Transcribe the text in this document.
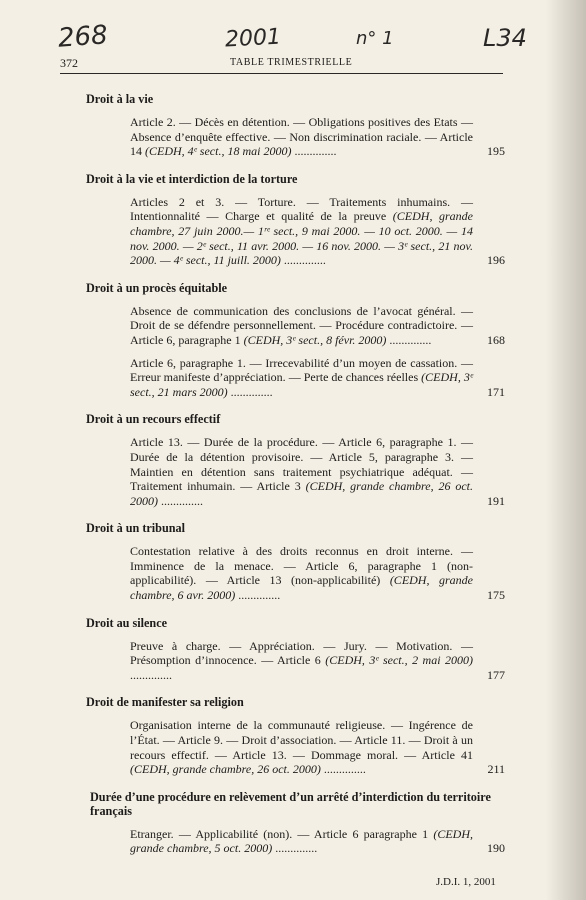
268	2001	n° 1	L34
372	TABLE TRIMESTRIELLE
Droit à la vie
Article 2. — Décès en détention. — Obligations positives des Etats — Absence d’enquête effective. — Non discrimination raciale. — Article 14 (CEDH, 4ᵉ sect., 18 mai 2000) ..............	195
Droit à la vie et interdiction de la torture
Articles 2 et 3. — Torture. — Traitements inhumains. — Intentionnalité — Charge et qualité de la preuve (CEDH, grande chambre, 27 juin 2000.— 1ʳᵉ sect., 9 mai 2000. — 10 oct. 2000. — 14 nov. 2000. — 2ᵉ sect., 11 avr. 2000. — 16 nov. 2000. — 3ᵉ sect., 21 nov. 2000. — 4ᵉ sect., 11 juill. 2000) ..............	196
Droit à un procès équitable
Absence de communication des conclusions de l’avocat général. — Droit de se défendre personnellement. — Procédure contradictoire. — Article 6, paragraphe 1 (CEDH, 3ᵉ sect., 8 févr. 2000) ..............	168
Article 6, paragraphe 1. — Irrecevabilité d’un moyen de cassation. — Erreur manifeste d’appréciation. — Perte de chances réelles (CEDH, 3ᵉ sect., 21 mars 2000) ..............	171
Droit à un recours effectif
Article 13. — Durée de la procédure. — Article 6, paragraphe 1. — Durée de la détention provisoire. — Article 5, paragraphe 3. — Maintien en détention sans traitement psychiatrique adéquat. — Traitement inhumain. — Article 3 (CEDH, grande chambre, 26 oct. 2000) ..............	191
Droit à un tribunal
Contestation relative à des droits reconnus en droit interne. — Imminence de la menace. — Article 6, paragraphe 1 (non-applicabilité). — Article 13 (non-applicabilité) (CEDH, grande chambre, 6 avr. 2000) ..............	175
Droit au silence
Preuve à charge. — Appréciation. — Jury. — Motivation. — Présomption d’innocence. — Article 6 (CEDH, 3ᵉ sect., 2 mai 2000) ..............	177
Droit de manifester sa religion
Organisation interne de la communauté religieuse. — Ingérence de l’État. — Article 9. — Droit d’association. — Article 11. — Droit à un recours effectif. — Article 13. — Dommage moral. — Article 41 (CEDH, grande chambre, 26 oct. 2000) ..............	211
Durée d’une procédure en relèvement d’un arrêté d’interdiction du territoire français
Etranger. — Applicabilité (non). — Article 6 paragraphe 1 (CEDH, grande chambre, 5 oct. 2000) ..............	190
J.D.I. 1, 2001
